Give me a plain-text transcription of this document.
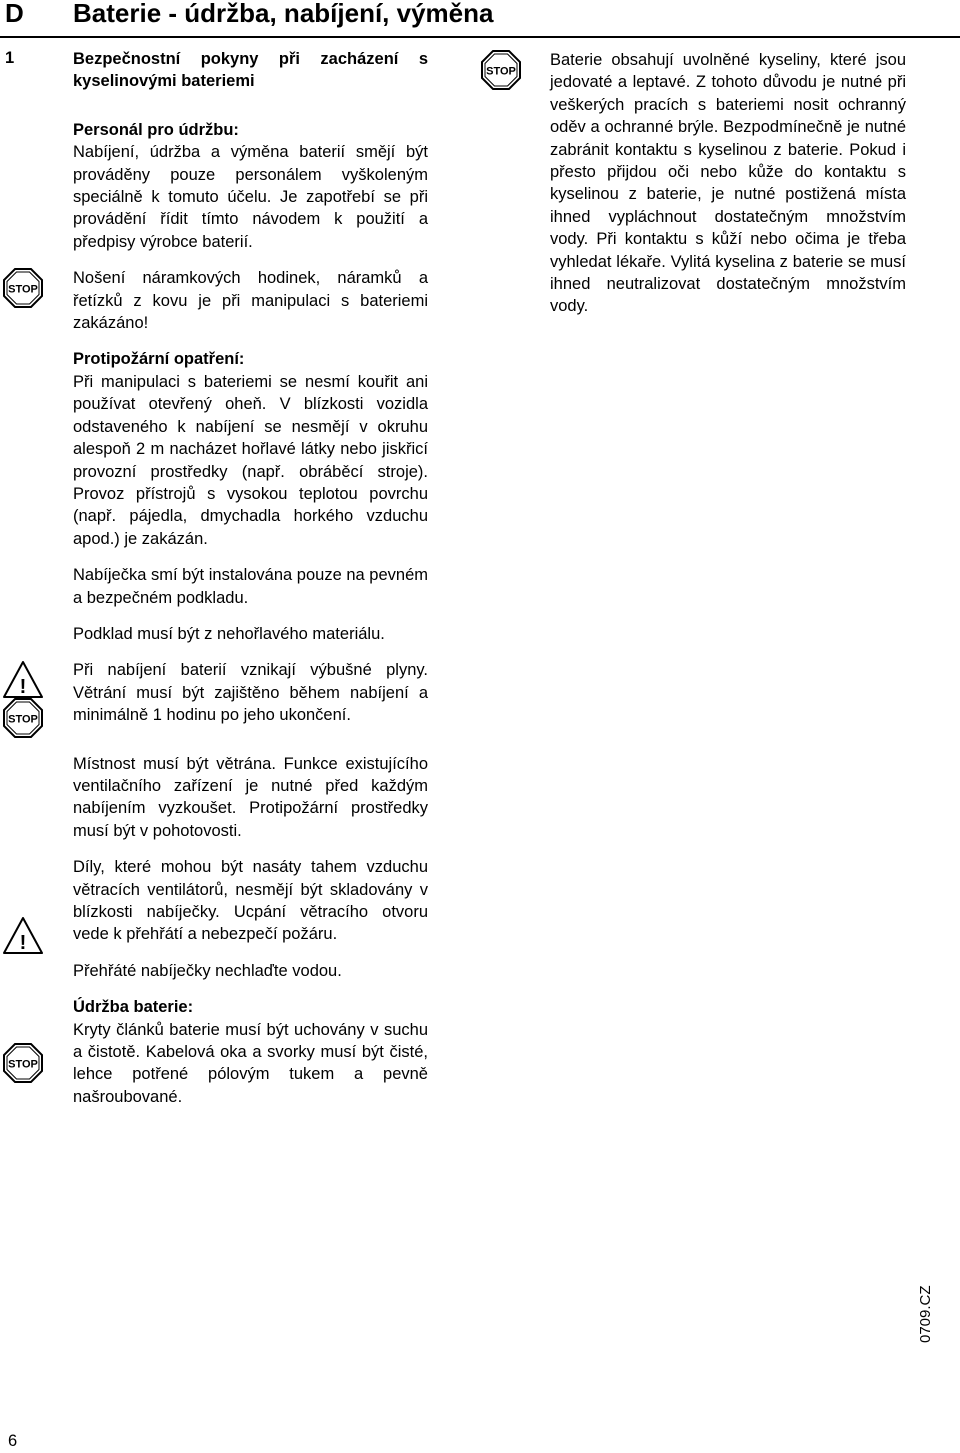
D Baterie - údržba, nabíjení, výměna
1	Bezpečnostní pokyny při zacházení s kyselinovými bateriemi

Personál pro údržbu:

Nabíjení, údržba a výměna baterií smějí být prováděny pouze personálem vyškoleným speciálně k tomuto účelu. Je zapotřebí se při provádění řídit tímto návodem k použití a předpisy výrobce baterií.

Nošení náramkových hodinek, náramků a řetízků z kovu je při manipulaci s bateriemi zakázáno!

Protipožární opatření:

Při manipulaci s bateriemi se nesmí kouřit ani používat otevřený oheň. V blízkosti vozidla odstaveného k nabíjení se nesmějí v okruhu alespoň 2 m nacházet hořlavé látky nebo jiskřicí provozní prostředky (např. obráběcí stroje). Provoz přístrojů s vysokou teplotou povrchu (např. pájedla, dmychadla horkého vzduchu apod.) je zakázán.

Nabíječka smí být instalována pouze na pevném a bezpečném podkladu.

Podklad musí být z nehořlavého materiálu.

Při nabíjení baterií vznikají výbušné plyny. Větrání musí být zajištěno během nabíjení a minimálně 1 hodinu po jeho ukončení.

Místnost musí být větrána. Funkce existujícího ventilačního zařízení je nutné před každým nabíjením vyzkoušet. Protipožární prostředky musí být v pohotovosti.

Díly, které mohou být nasáty tahem vzduchu větracích ventilátorů, nesmějí být skladovány v blízkosti nabíječky. Ucpání větracího otvoru vede k přehřátí a nebezpečí požáru.

Přehřáté nabíječky nechlaďte vodou.

Údržba baterie:

Kryty článků baterie musí být uchovány v suchu a čistotě. Kabelová oka a svorky musí být čisté, lehce potřené pólovým tukem a pevně našroubované.

Baterie obsahují uvolněné kyseliny, které jsou jedovaté a leptavé. Z tohoto důvodu je nutné při veškerých pracích s bateriemi nosit ochranný oděv a ochranné brýle. Bezpodmínečně je nutné zabránit kontaktu s kyselinou z baterie. Pokud i přesto přijdou oči nebo kůže do kontaktu s kyselinou z baterie, je nutné postižená místa ihned vypláchnout dostatečným množstvím vody. Při kontaktu s kůží nebo očima je třeba vyhledat lékaře. Vylitá kyselina z baterie se musí ihned neutralizovat dostatečným množstvím vody.

6
0709.CZ
